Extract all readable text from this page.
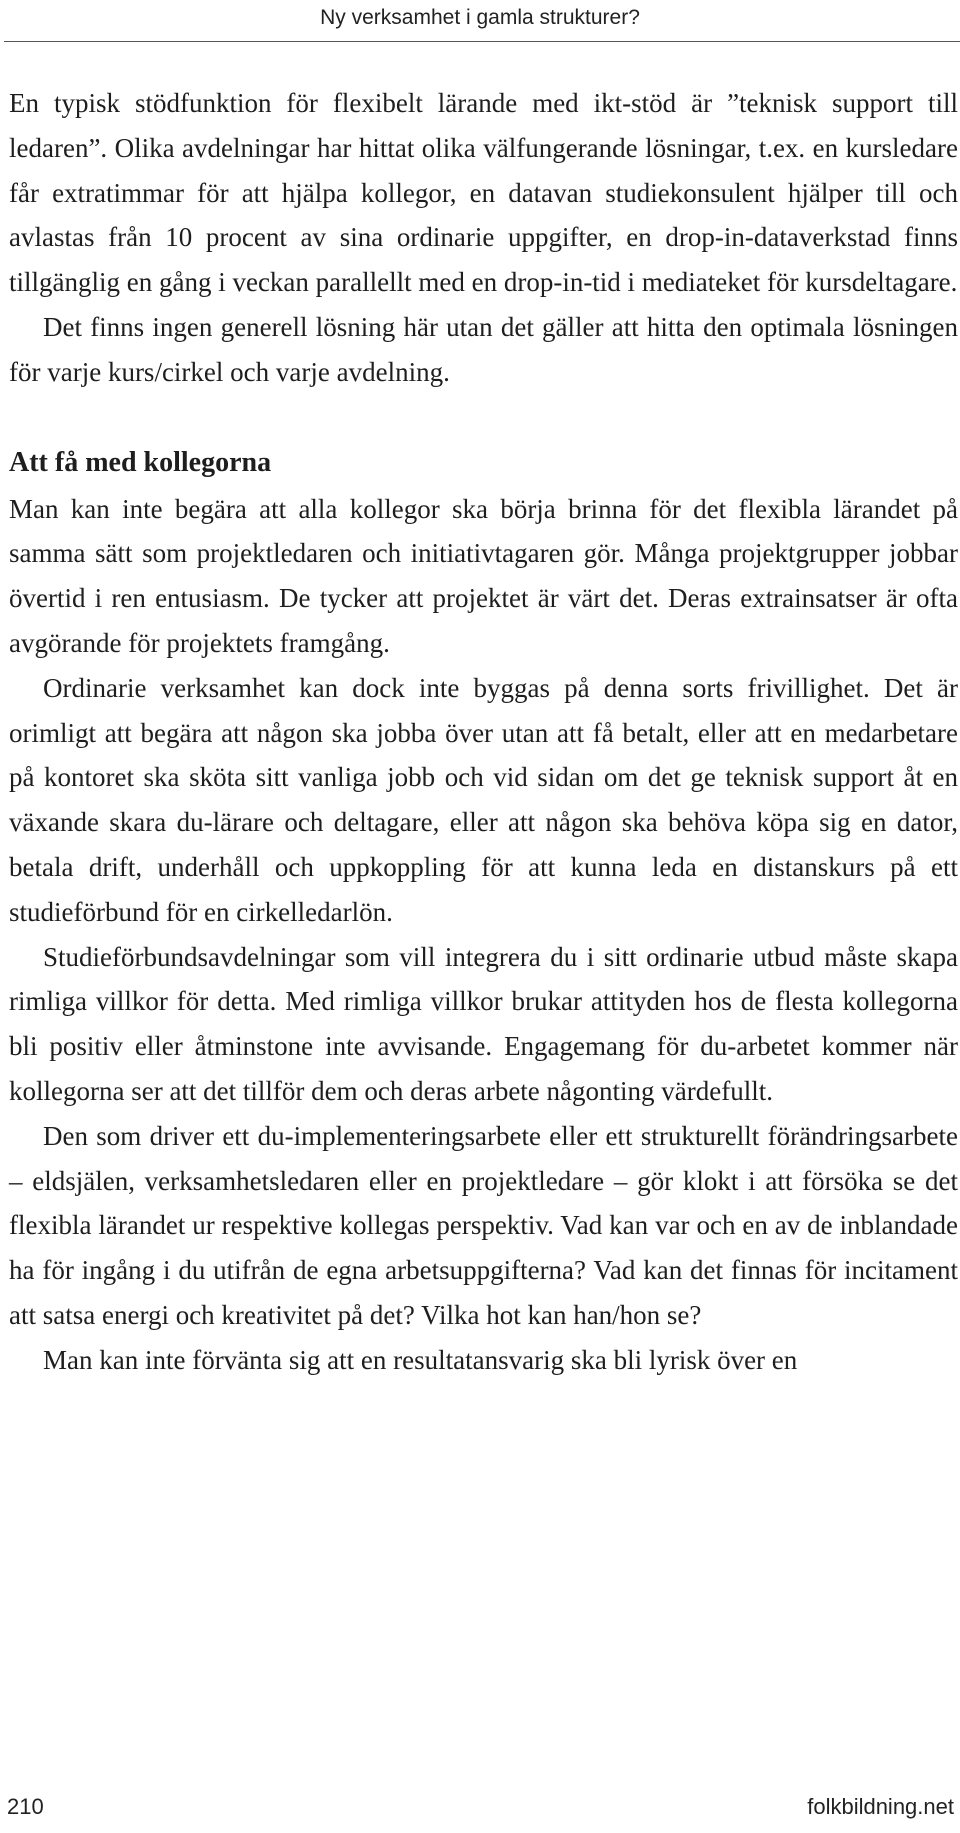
Ny verksamhet i gamla strukturer?

En typisk stödfunktion för flexibelt lärande med ikt-stöd är ”teknisk support till ledaren”. Olika avdelningar har hittat olika välfungerande lösningar, t.ex. en kursledare får extratimmar för att hjälpa kollegor, en datavan studiekonsulent hjälper till och avlastas från 10 procent av sina ordinarie uppgifter, en drop-in-dataverkstad finns tillgänglig en gång i veckan parallellt med en drop-in-tid i mediateket för kursdeltagare.

Det finns ingen generell lösning här utan det gäller att hitta den optimala lösningen för varje kurs/cirkel och varje avdelning.

Att få med kollegorna

Man kan inte begära att alla kollegor ska börja brinna för det flexibla lärandet på samma sätt som projektledaren och initiativtagaren gör. Många projektgrupper jobbar övertid i ren entusiasm. De tycker att projektet är värt det. Deras extrainsatser är ofta avgörande för projektets framgång.

Ordinarie verksamhet kan dock inte byggas på denna sorts frivillighet. Det är orimligt att begära att någon ska jobba över utan att få betalt, eller att en medarbetare på kontoret ska sköta sitt vanliga jobb och vid sidan om det ge teknisk support åt en växande skara du-lärare och deltagare, eller att någon ska behöva köpa sig en dator, betala drift, underhåll och uppkoppling för att kunna leda en distanskurs på ett studieförbund för en cirkelledarlön.

Studieförbundsavdelningar som vill integrera du i sitt ordinarie utbud måste skapa rimliga villkor för detta. Med rimliga villkor brukar attityden hos de flesta kollegorna bli positiv eller åtminstone inte avvisande. Engagemang för du-arbetet kommer när kollegorna ser att det tillför dem och deras arbete någonting värdefullt.

Den som driver ett du-implementeringsarbete eller ett strukturellt förändringsarbete – eldsjälen, verksamhetsledaren eller en projektledare – gör klokt i att försöka se det flexibla lärandet ur respektive kollegas perspektiv. Vad kan var och en av de inblandade ha för ingång i du utifrån de egna arbetsuppgifterna? Vad kan det finnas för incitament att satsa energi och kreativitet på det? Vilka hot kan han/hon se?

Man kan inte förvänta sig att en resultatansvarig ska bli lyrisk över en

210	folkbildning.net
